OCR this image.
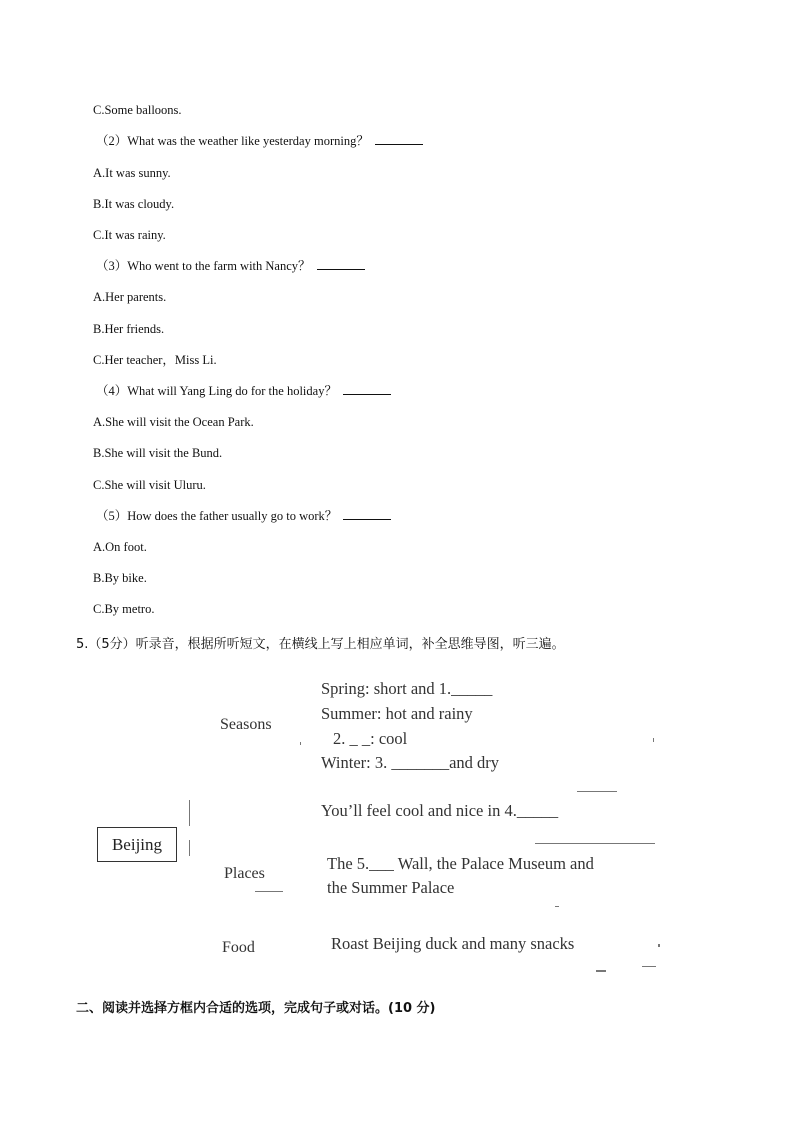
C.Some balloons.
（2）What was the weather like yesterday morning？
A.It was sunny.
B.It was cloudy.
C.It was rainy.
（3）Who went to the farm with Nancy？
A.Her parents.
B.Her friends.
C.Her teacher，Miss Li.
（4）What will Yang Ling do for the holiday？
A.She will visit the Ocean Park.
B.She will visit the Bund.
C.She will visit Uluru.
（5）How does the father usually go to work？
A.On foot.
B.By bike.
C.By metro.
5.（5分）听录音，根据所听短文，在横线上写上相应单词，补全思维导图，听三遍。
Seasons
Spring: short and 1._____
Summer: hot and rainy
2. _ _: cool
Winter: 3. _______and dry
You’ll feel cool and nice in 4._____
Beijing
Places
The 5.___ Wall, the Palace Museum and
the Summer Palace
Food	Roast Beijing duck and many snacks
二、阅读并选择方框内合适的选项，完成句子或对话。(10 分)
